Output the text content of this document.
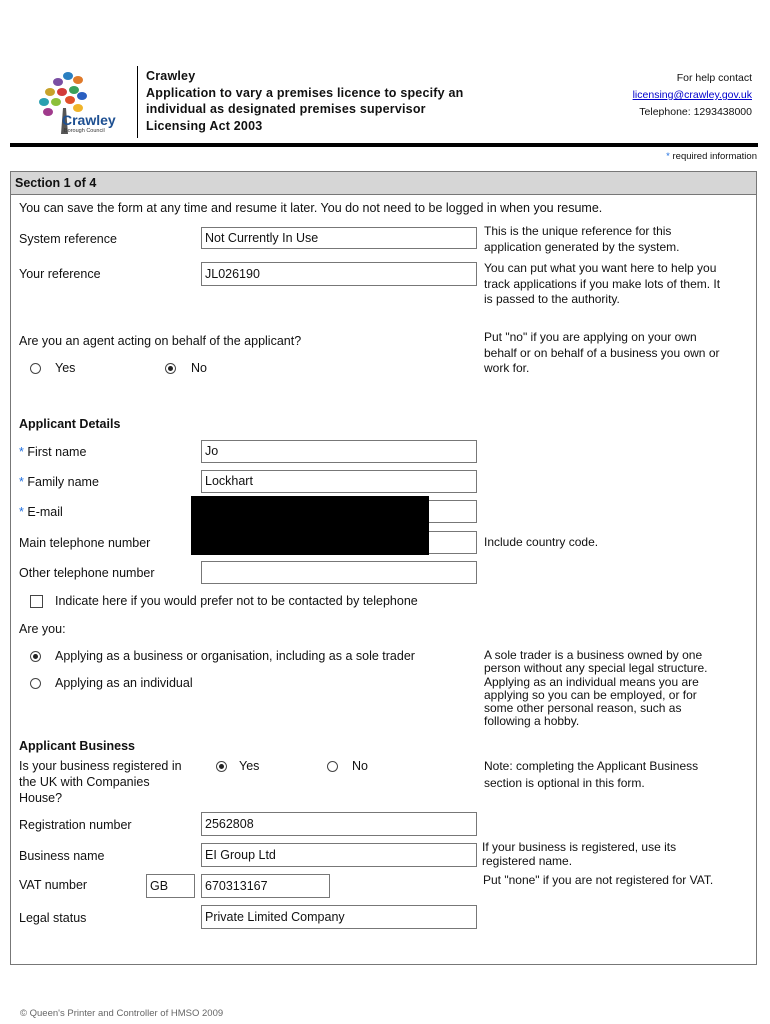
Crawley
Borough Council
Crawley
Application to vary a premises licence to specify an
individual as designated premises supervisor
Licensing Act 2003
For help contact
licensing@crawley.gov.uk
Telephone: 1293438000
* required information
Section 1 of 4
You can save the form at any time and resume it later. You do not need to be logged in when you resume.
System reference	Not Currently In Use	This is the unique reference for this
application generated by the system.
Your reference	JL026190	You can put what you want here to help you
track applications if you make lots of them. It
is passed to the authority.
Are you an agent acting on behalf of the applicant?
Yes	No
Put "no" if you are applying on your own
behalf or on behalf of a business you own or
work for.
Applicant Details
* First name	Jo
* Family name	Lockhart
* E-mail
Main telephone number	Include country code.
Other telephone number
Indicate here if you would prefer not to be contacted by telephone
Are you:
Applying as a business or organisation, including as a sole trader
Applying as an individual
A sole trader is a business owned by one
person without any special legal structure.
Applying as an individual means you are
applying so you can be employed, or for
some other personal reason, such as
following a hobby.
Applicant Business
Is your business registered in
the UK with Companies
House?
Yes	No	Note: completing the Applicant Business
section is optional in this form.
Registration number	2562808
Business name	EI Group Ltd
If your business is registered, use its
registered name.
VAT number	GB	670313167	Put "none" if you are not registered for VAT.
Legal status	Private Limited Company
© Queen's Printer and Controller of HMSO 2009
